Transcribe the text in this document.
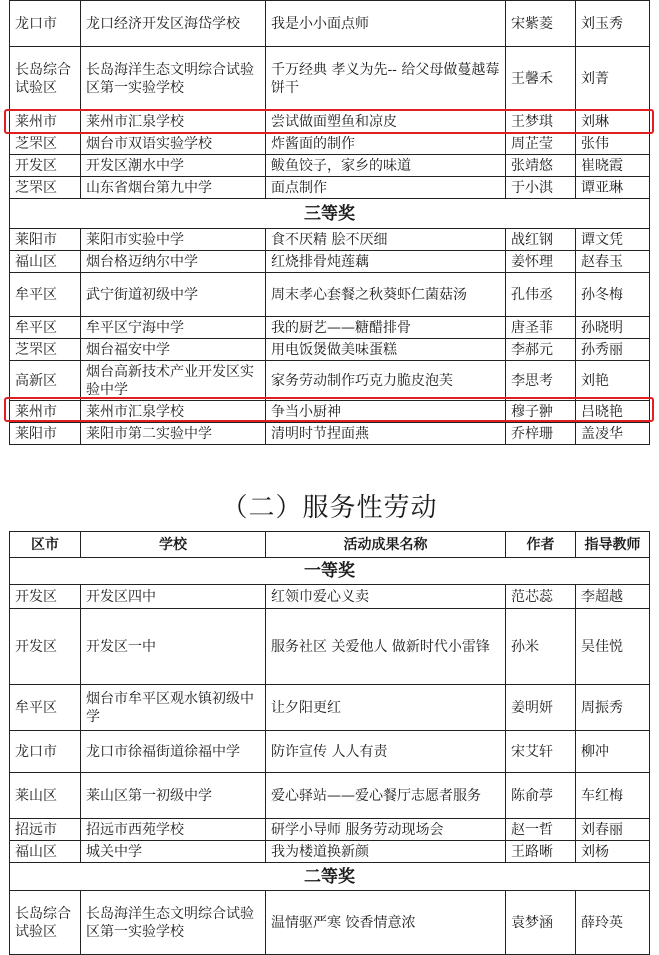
龙口市	龙口经济开发区海岱学校	我是小小面点师	宋紫菱	刘玉秀
长岛综合试验区	长岛海洋生态文明综合试验区第一实验学校	千万经典 孝义为先-- 给父母做蔓越莓饼干	王馨禾	刘菁
莱州市	莱州市汇泉学校	尝试做面塑鱼和凉皮	王梦琪	刘琳
芝罘区	烟台市双语实验学校	炸酱面的制作	周芷莹	张伟
开发区	开发区潮水中学	鲅鱼饺子，家乡的味道	张靖悠	崔晓霞
芝罘区	山东省烟台第九中学	面点制作	于小淇	谭亚琳
三等奖				
莱阳市	莱阳市实验中学	食不厌精 脍不厌细	战红钢	谭文凭
福山区	烟台格迈纳尔中学	红烧排骨炖莲藕	姜怀理	赵春玉
牟平区	武宁街道初级中学	周末孝心套餐之秋葵虾仁菌菇汤	孔伟丞	孙冬梅
牟平区	牟平区宁海中学	我的厨艺——糖醋排骨	唐圣菲	孙晓明
芝罘区	烟台福安中学	用电饭煲做美味蛋糕	李郝元	孙秀丽
高新区	烟台高新技术产业开发区实验中学	家务劳动制作巧克力脆皮泡芙	李思考	刘艳
莱州市	莱州市汇泉学校	争当小厨神	穆子翀	吕晓艳
莱阳市	莱阳市第二实验中学	清明时节捏面燕	乔梓珊	盖凌华
（二）服务性劳动
区市	学校	活动成果名称	作者	指导教师
一等奖				
开发区	开发区四中	红领巾爱心义卖	范芯蕊	李超越
开发区	开发区一中	服务社区 关爱他人 做新时代小雷锋	孙米	吴佳悦
牟平区	烟台市牟平区观水镇初级中学	让夕阳更红	姜明妍	周振秀
龙口市	龙口市徐福街道徐福中学	防诈宣传 人人有责	宋艾轩	柳冲
莱山区	莱山区第一初级中学	爱心驿站——爱心餐厅志愿者服务	陈俞葶	车红梅
招远市	招远市西苑学校	研学小导师 服务劳动现场会	赵一哲	刘春丽
福山区	城关中学	我为楼道换新颜	王路晰	刘杨
二等奖				
长岛综合试验区	长岛海洋生态文明综合试验区第一实验学校	温情驱严寒 饺香情意浓	袁梦涵	薛玲英
